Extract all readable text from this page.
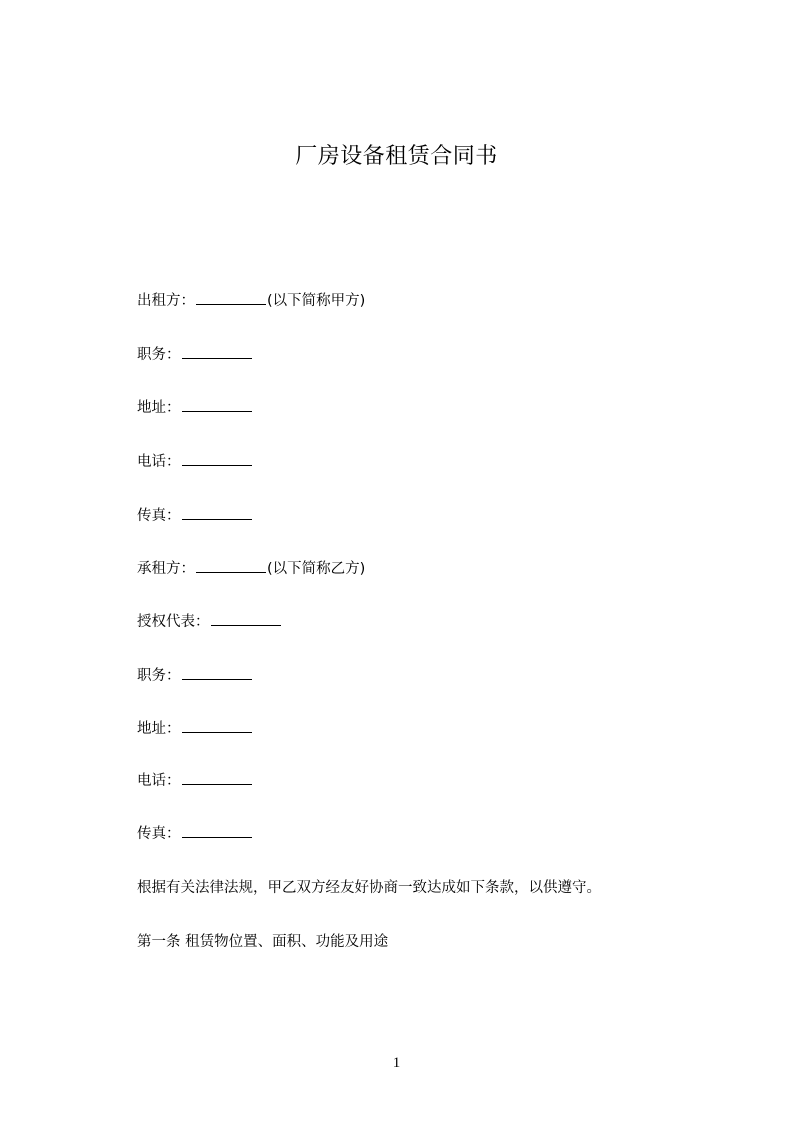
厂房设备租赁合同书
出租方：	(以下简称甲方)
职务：
地址：
电话：
传真：
承租方：	(以下简称乙方)
授权代表：
职务：
地址：
电话：
传真：
根据有关法律法规，甲乙双方经友好协商一致达成如下条款，以供遵守。
第一条 租赁物位置、面积、功能及用途
1
